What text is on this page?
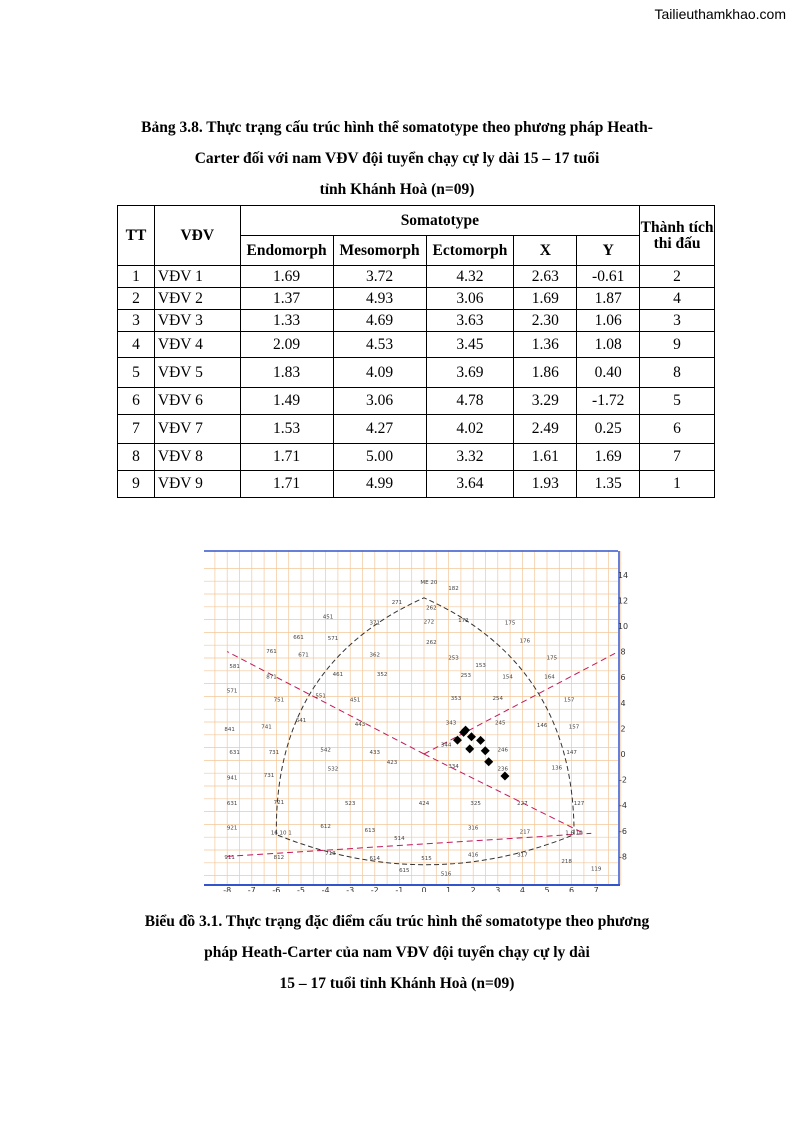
Tailieuthamkhao.com
Bảng 3.8. Thực trạng cấu trúc hình thể somatotype theo phương pháp Heath-
Carter đối với nam VĐV đội tuyển chạy cự ly dài 15 – 17 tuổi
tỉnh Khánh Hoà (n=09)
TT	VĐV	Somatotype					Thành tích thi đấu
		Endomorph	Mesomorph	Ectomorph	X	Y	
1	VĐV 1	1.69	3.72	4.32	2.63	-0.61	2
2	VĐV 2	1.37	4.93	3.06	1.69	1.87	4
3	VĐV 3	1.33	4.69	3.63	2.30	1.06	3
4	VĐV 4	2.09	4.53	3.45	1.36	1.08	9
5	VĐV 5	1.83	4.09	3.69	1.86	0.40	8
6	VĐV 6	1.49	3.06	4.78	3.29	-1.72	5
7	VĐV 7	1.53	4.27	4.02	2.49	0.25	6
8	VĐV 8	1.71	5.00	3.32	1.61	1.69	7
9	VĐV 9	1.71	4.99	3.64	1.93	1.35	1
ME 20
1 6 10
16 10 1
262
172
271
182
451
371	272	175
661	571
262	176
761
671	362	253
153
175
581
871	461	352	253	154	164
571
751
551
451	353	254	157
841	741
641
443	343	245	146	157
631	731	542	433
344
246	147
941	731
532
423
334	236	136
631	721	523	424	325	227	127
921	612
613
514
316
217
911	812
713
614	515
416	317
218
119
615
516
-8 -7 -6 -5 -4 -3 -2 -1 0 1 2 3 4 5 6 7
14
12
10
8
6
4
2
0
-2
-4
-6
-8
Biểu đồ 3.1. Thực trạng đặc điểm cấu trúc hình thể somatotype theo phương
pháp Heath-Carter của nam VĐV đội tuyển chạy cự ly dài
15 – 17 tuổi tỉnh Khánh Hoà (n=09)
